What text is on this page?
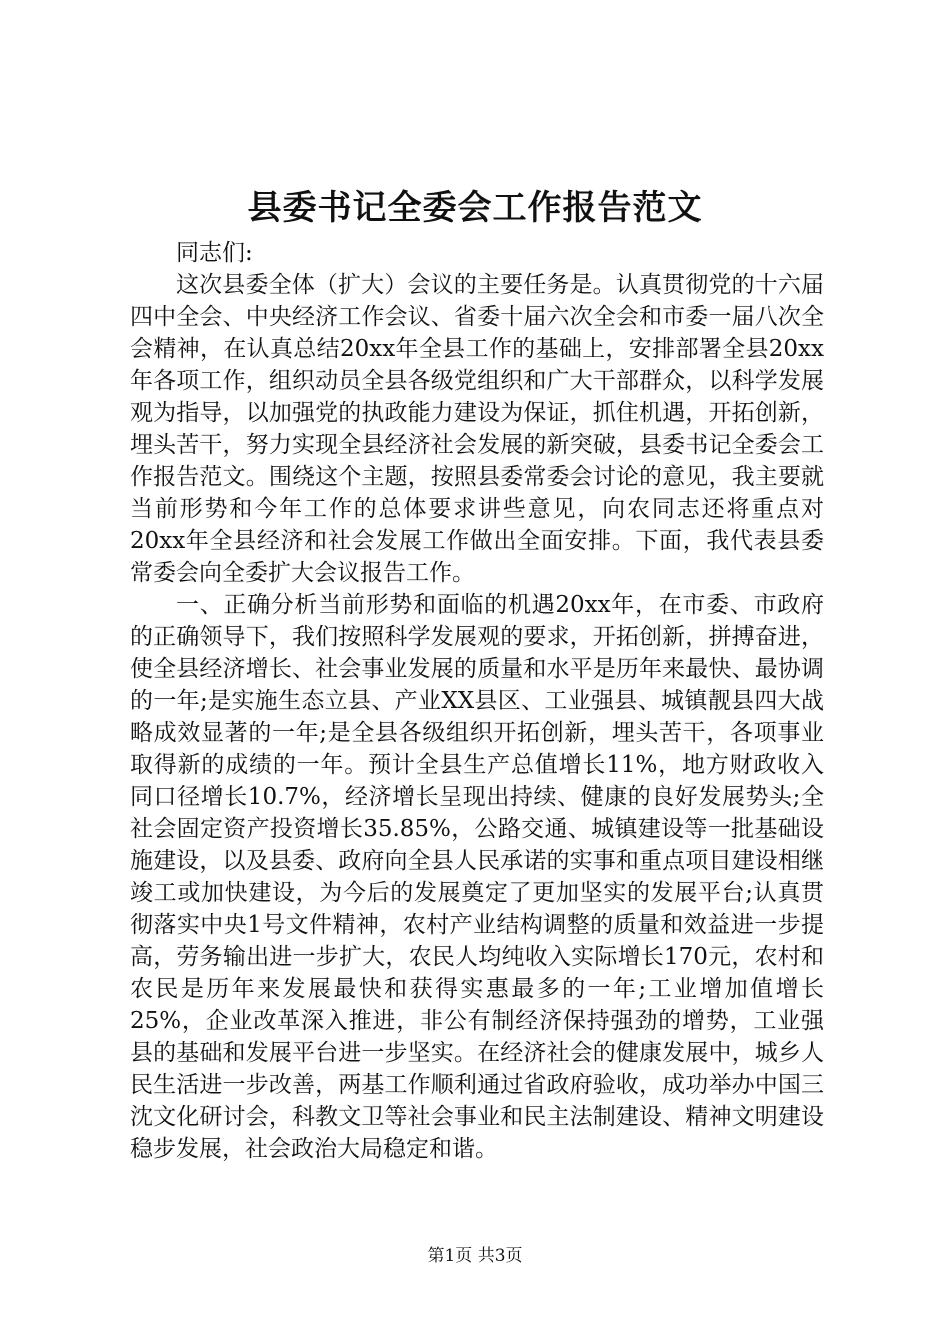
县委书记全委会工作报告范文

同志们:

这次县委全体（扩大）会议的主要任务是。认真贯彻党的十六届四中全会、中央经济工作会议、省委十届六次全会和市委一届八次全会精神，在认真总结20xx年全县工作的基础上，安排部署全县20xx年各项工作，组织动员全县各级党组织和广大干部群众，以科学发展观为指导，以加强党的执政能力建设为保证，抓住机遇，开拓创新，埋头苦干，努力实现全县经济社会发展的新突破，县委书记全委会工作报告范文。围绕这个主题，按照县委常委会讨论的意见，我主要就当前形势和今年工作的总体要求讲些意见，向农同志还将重点对20xx年全县经济和社会发展工作做出全面安排。下面，我代表县委常委会向全委扩大会议报告工作。

一、正确分析当前形势和面临的机遇20xx年，在市委、市政府的正确领导下，我们按照科学发展观的要求，开拓创新，拼搏奋进，使全县经济增长、社会事业发展的质量和水平是历年来最快、最协调的一年;是实施生态立县、产业XX县区、工业强县、城镇靓县四大战略成效显著的一年;是全县各级组织开拓创新，埋头苦干，各项事业取得新的成绩的一年。预计全县生产总值增长11%，地方财政收入同口径增长10.7%，经济增长呈现出持续、健康的良好发展势头;全社会固定资产投资增长35.85%，公路交通、城镇建设等一批基础设施建设，以及县委、政府向全县人民承诺的实事和重点项目建设相继竣工或加快建设，为今后的发展奠定了更加坚实的发展平台;认真贯彻落实中央1号文件精神，农村产业结构调整的质量和效益进一步提高，劳务输出进一步扩大，农民人均纯收入实际增长170元，农村和农民是历年来发展最快和获得实惠最多的一年;工业增加值增长25%，企业改革深入推进，非公有制经济保持强劲的增势，工业强县的基础和发展平台进一步坚实。在经济社会的健康发展中，城乡人民生活进一步改善，两基工作顺利通过省政府验收，成功举办中国三沈文化研讨会，科教文卫等社会事业和民主法制建设、精神文明建设稳步发展，社会政治大局稳定和谐。

第1页 共3页
